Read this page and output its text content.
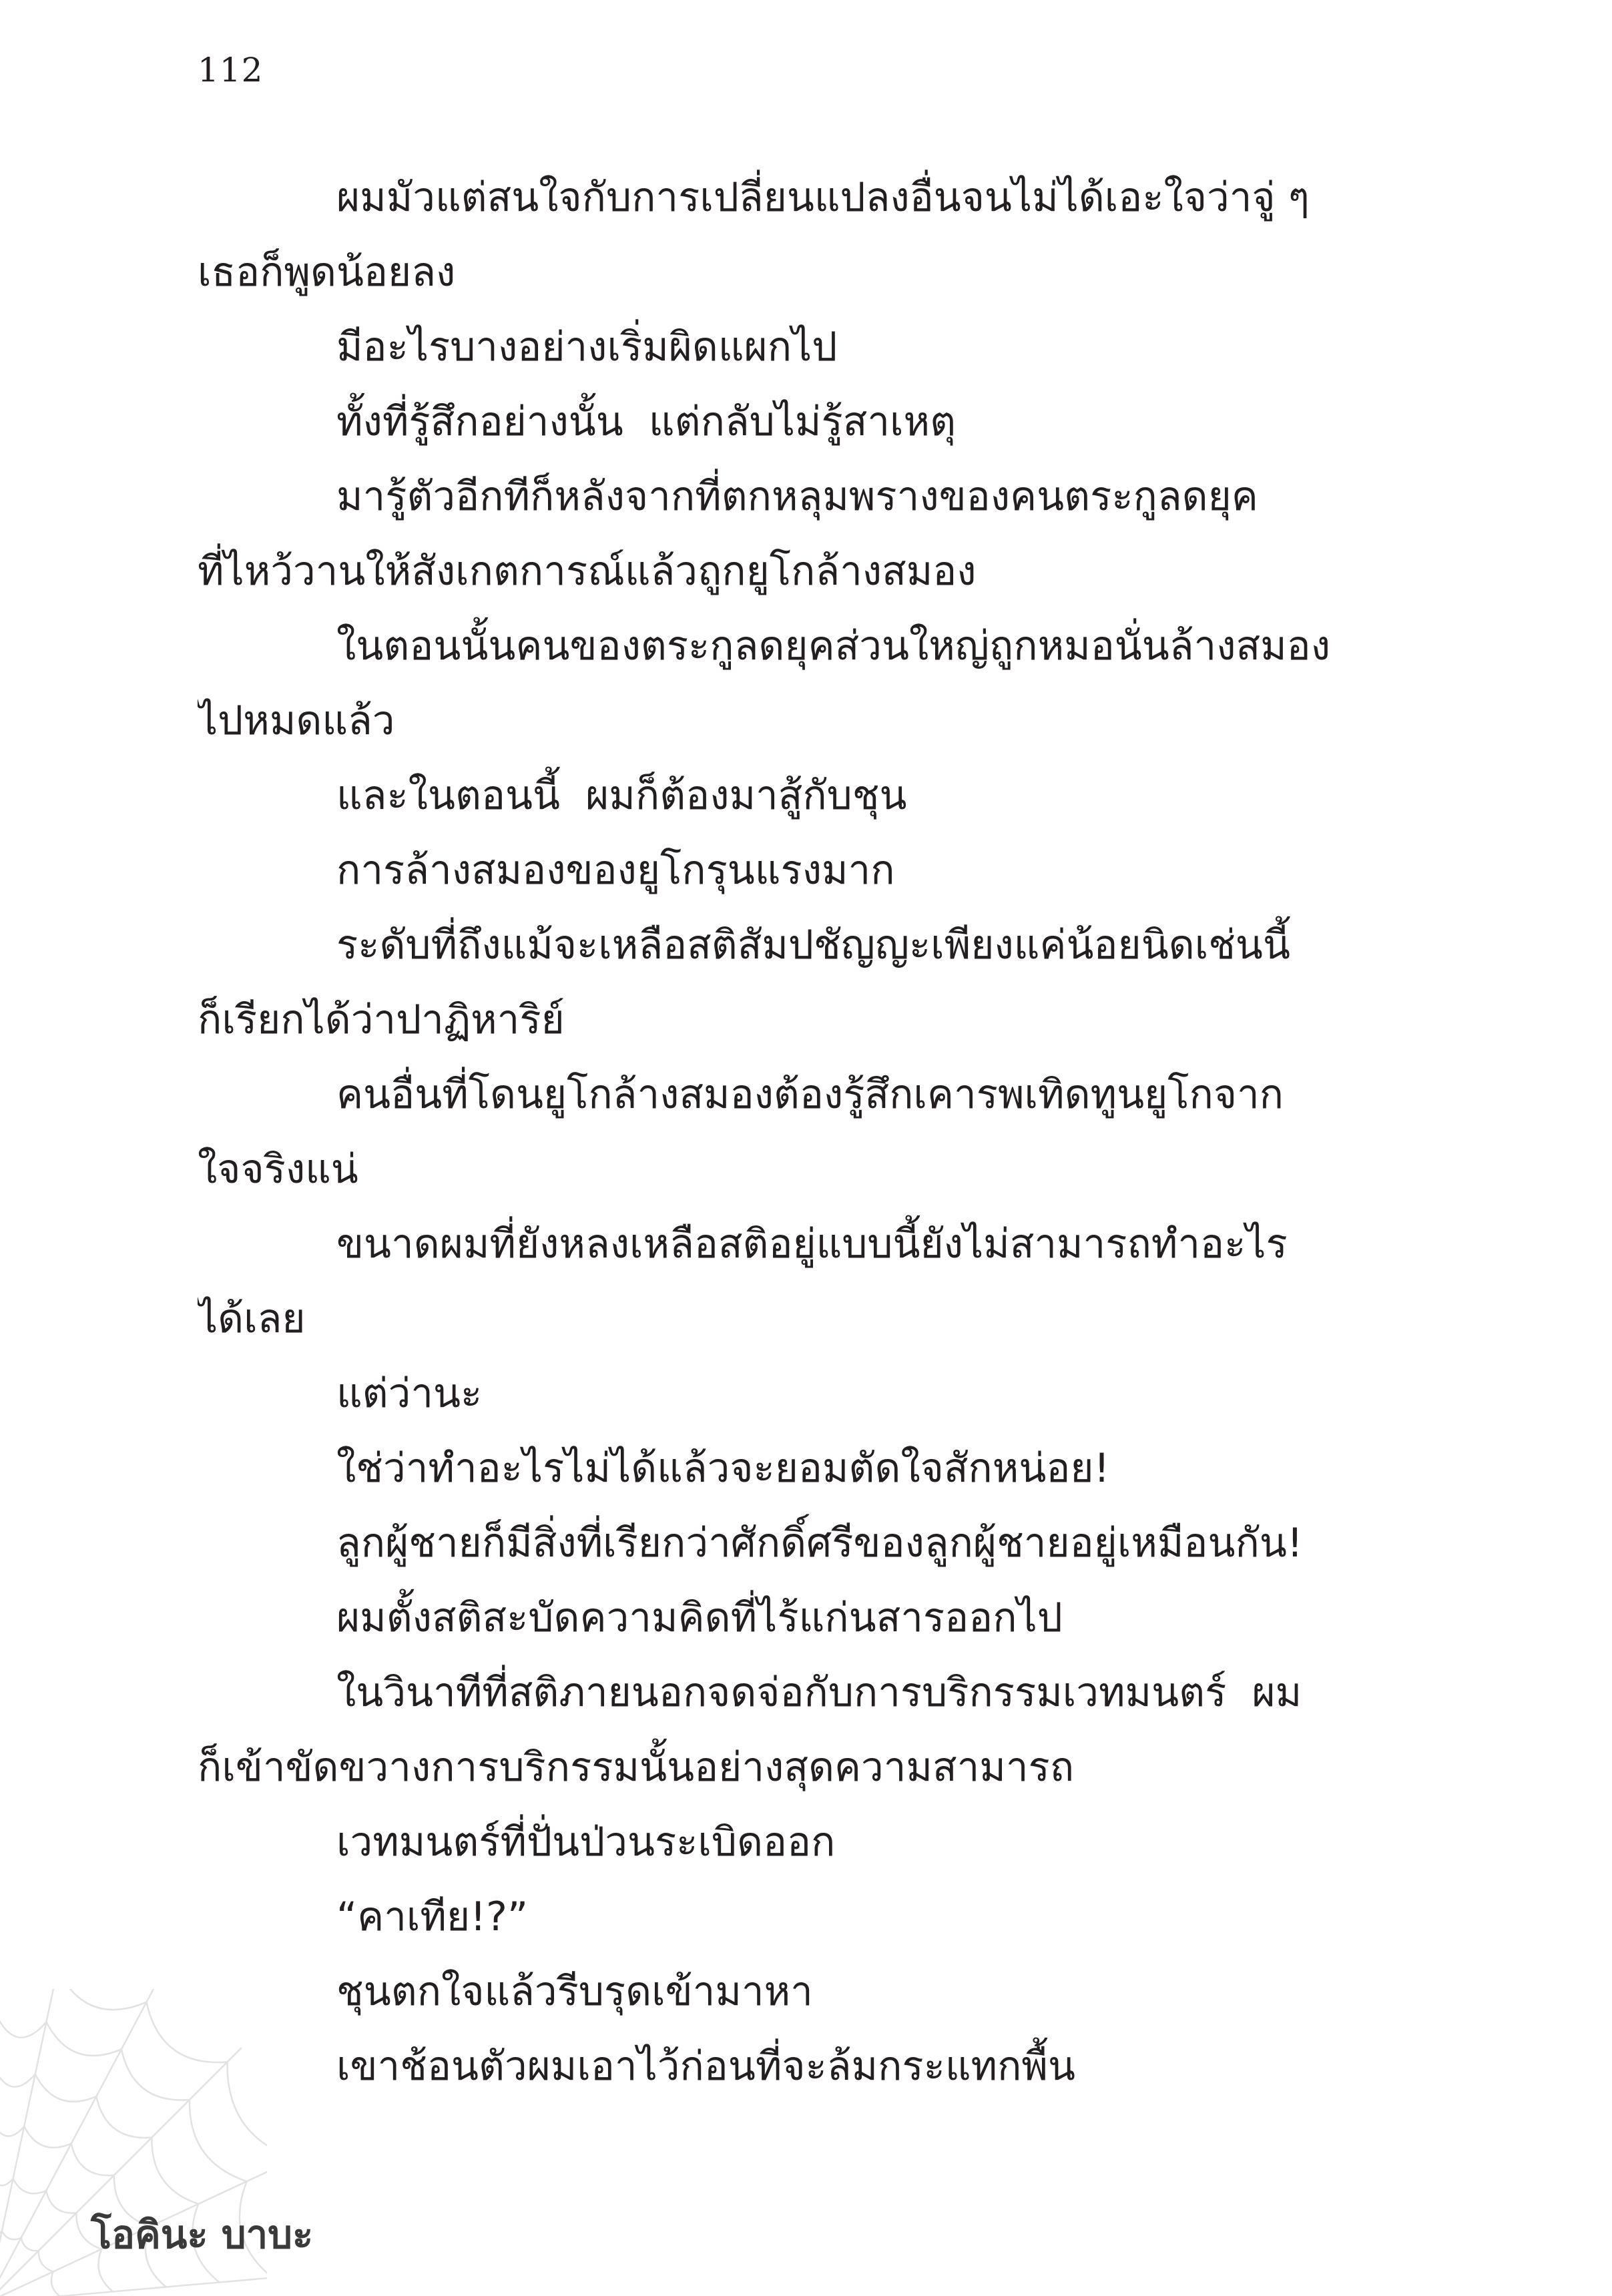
112
ผมมัวแต่สนใจกับการเปลี่ยนแปลงอื่นจนไม่ได้เอะใจว่าจู่ ๆ
เธอก็พูดน้อยลง
มีอะไรบางอย่างเริ่มผิดแผกไป
ทั้งที่รู้สึกอย่างนั้น  แต่กลับไม่รู้สาเหตุ
มารู้ตัวอีกทีก็หลังจากที่ตกหลุมพรางของคนตระกูลดยุค
ที่ไหว้วานให้สังเกตการณ์แล้วถูกยูโกล้างสมอง
ในตอนนั้นคนของตระกูลดยุคส่วนใหญ่ถูกหมอนั่นล้างสมอง
ไปหมดแล้ว
และในตอนนี้  ผมก็ต้องมาสู้กับชุน
การล้างสมองของยูโกรุนแรงมาก
ระดับที่ถึงแม้จะเหลือสติสัมปชัญญะเพียงแค่น้อยนิดเช่นนี้
ก็เรียกได้ว่าปาฏิหาริย์
คนอื่นที่โดนยูโกล้างสมองต้องรู้สึกเคารพเทิดทูนยูโกจาก
ใจจริงแน่
ขนาดผมที่ยังหลงเหลือสติอยู่แบบนี้ยังไม่สามารถทำอะไร
ได้เลย
แต่ว่านะ
ใช่ว่าทำอะไรไม่ได้แล้วจะยอมตัดใจสักหน่อย!
ลูกผู้ชายก็มีสิ่งที่เรียกว่าศักดิ์ศรีของลูกผู้ชายอยู่เหมือนกัน!
ผมตั้งสติสะบัดความคิดที่ไร้แก่นสารออกไป
ในวินาทีที่สติภายนอกจดจ่อกับการบริกรรมเวทมนตร์  ผม
ก็เข้าขัดขวางการบริกรรมนั้นอย่างสุดความสามารถ
เวทมนตร์ที่ปั่นป่วนระเบิดออก
“คาเทีย!?”
ชุนตกใจแล้วรีบรุดเข้ามาหา
เขาช้อนตัวผมเอาไว้ก่อนที่จะล้มกระแทกพื้น
โอคินะ บาบะ
